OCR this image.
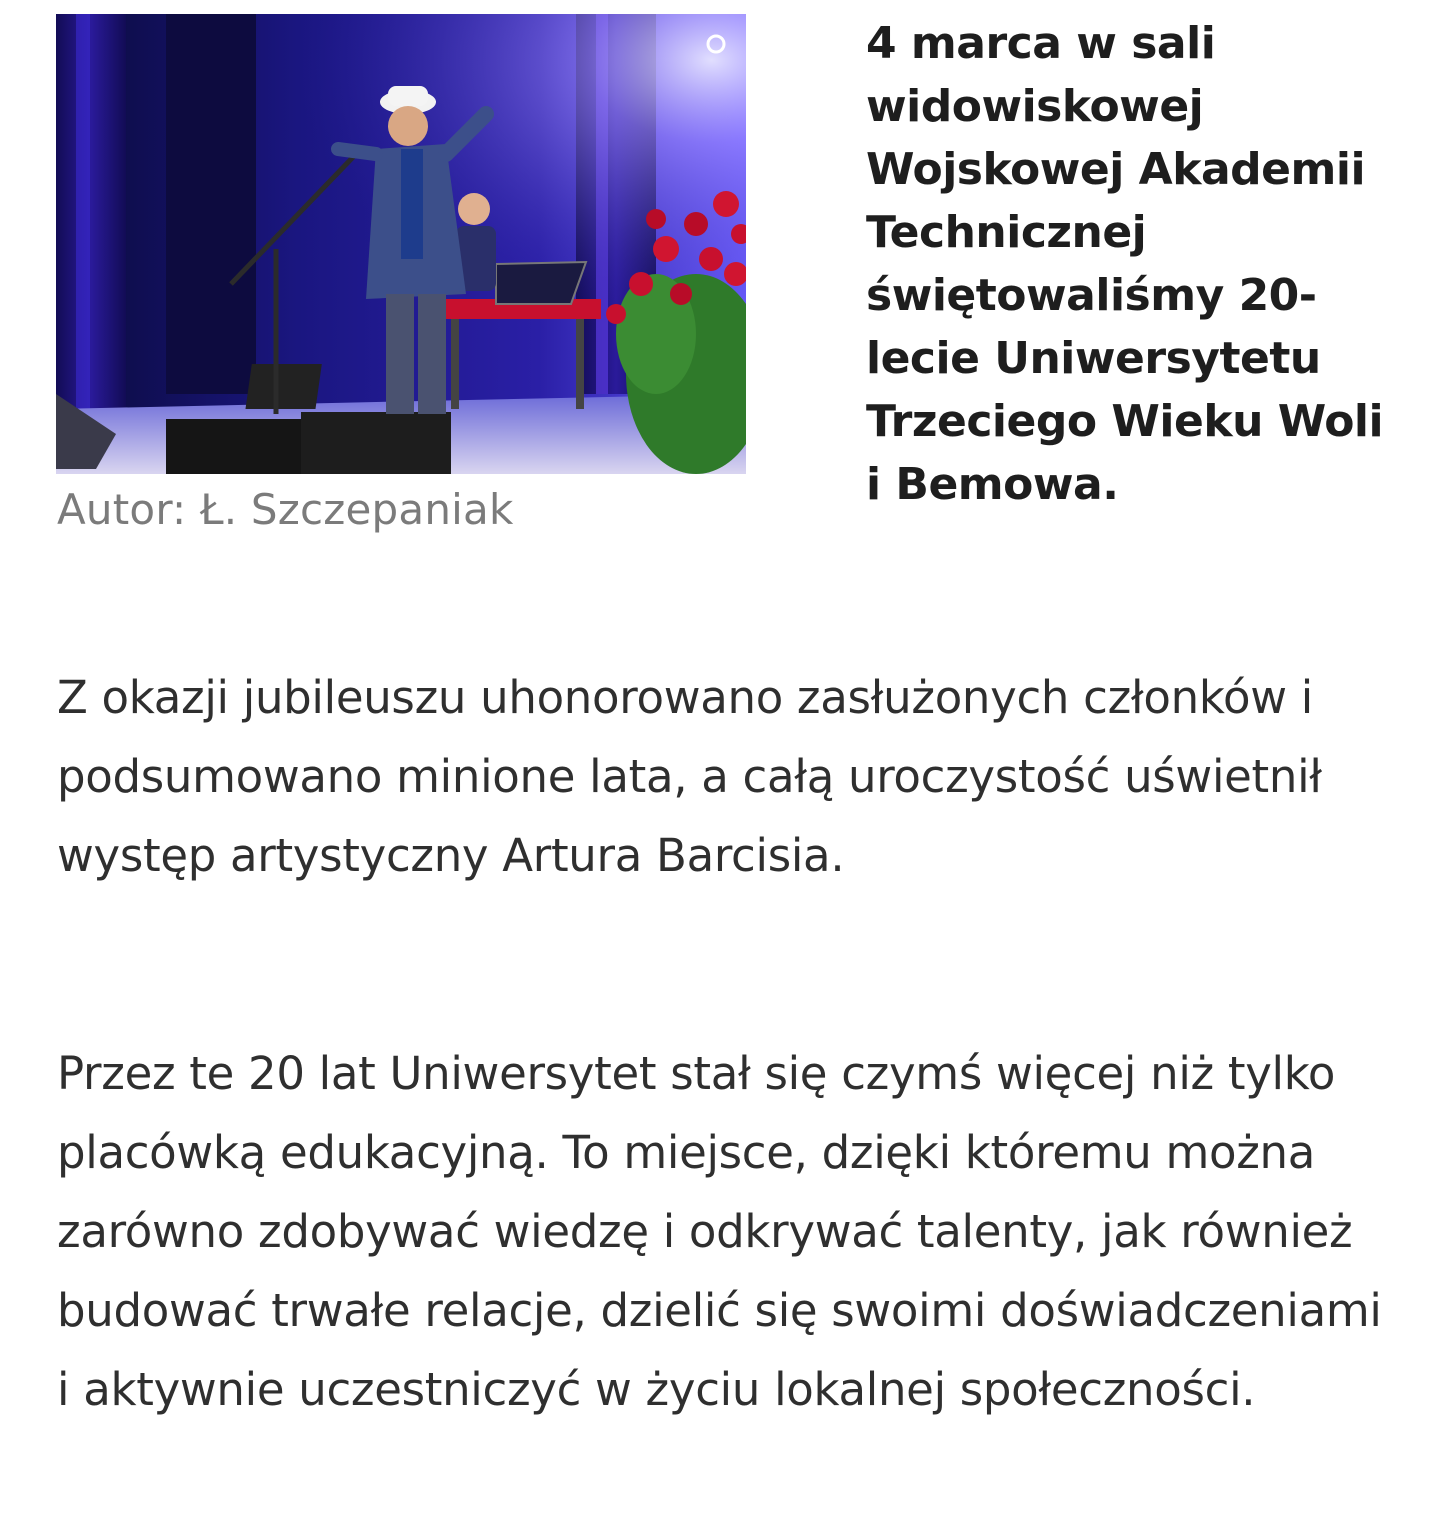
Autor: Ł. Szczepaniak
4 marca w sali widowiskowej Wojskowej Akademii Technicznej świętowaliśmy 20-lecie Uniwersytetu Trzeciego Wieku Woli i Bemowa.

Z okazji jubileuszu uhonorowano zasłużonych członków i podsumowano minione lata, a całą uroczystość uświetnił występ artystyczny Artura Barcisia.

Przez te 20 lat Uniwersytet stał się czymś więcej niż tylko placówką edukacyjną. To miejsce, dzięki któremu można zarówno zdobywać wiedzę i odkrywać talenty, jak również budować trwałe relacje, dzielić się swoimi doświadczeniami i aktywnie uczestniczyć w życiu lokalnej społeczności.
